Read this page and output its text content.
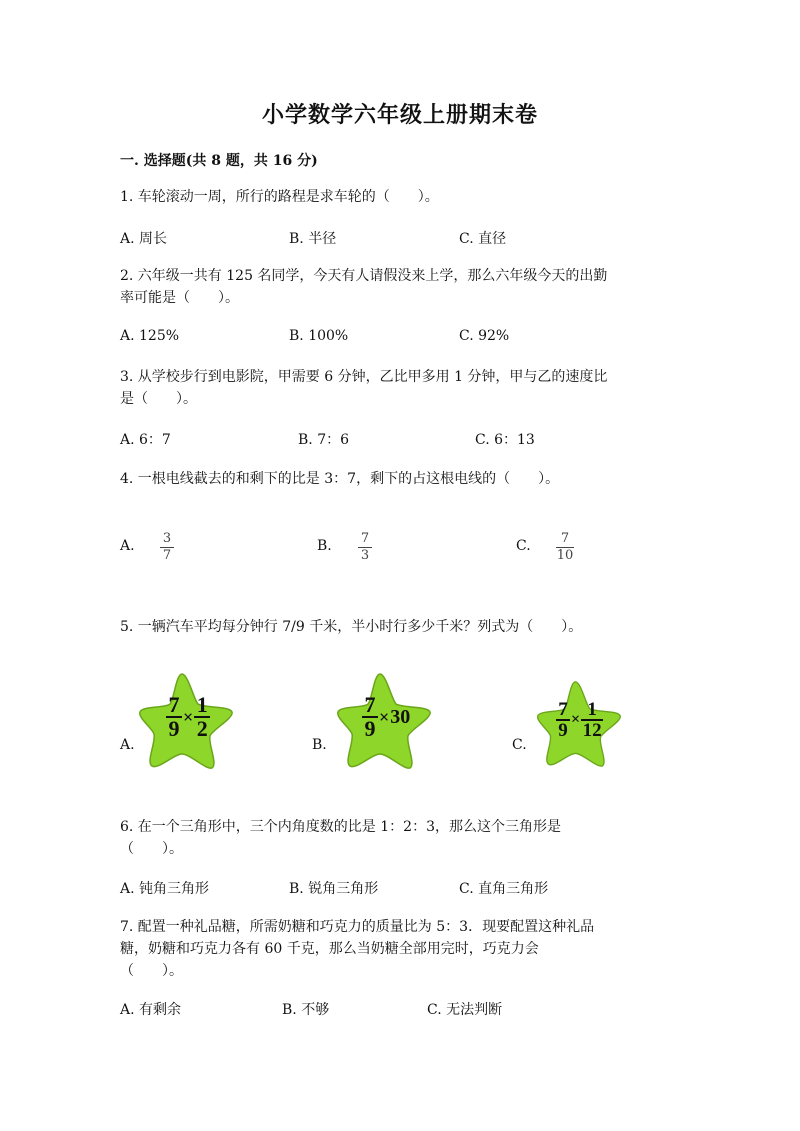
小学数学六年级上册期末卷
一. 选择题(共 8 题，共 16 分)
1. 车轮滚动一周，所行的路程是求车轮的（　　）。
A. 周长	B. 半径	C. 直径
2. 六年级一共有 125 名同学，今天有人请假没来上学，那么六年级今天的出勤
率可能是（　　）。
A. 125%	B. 100%	C. 92%
3. 从学校步行到电影院，甲需要 6 分钟，乙比甲多用 1 分钟，甲与乙的速度比
是（　　）。
A. 6：7	B. 7：6	C. 6：13
4. 一根电线截去的和剩下的比是 3：7，剩下的占这根电线的（　　）。
A. 3
7
B. 7
3
C. 7
10
5. 一辆汽车平均每分钟行 7/9 千米，半小时行多少千米？列式为（　　）。
A.
7
9 × 1
2
B.
7
9 × 30
C.
7
9
× 1
12
6. 在一个三角形中，三个内角度数的比是 1：2：3，那么这个三角形是
（　　）。
A. 钝角三角形	B. 锐角三角形	C. 直角三角形
7. 配置一种礼品糖，所需奶糖和巧克力的质量比为 5：3．现要配置这种礼品
糖，奶糖和巧克力各有 60 千克，那么当奶糖全部用完时，巧克力会
（　　）。
A. 有剩余	B. 不够	C. 无法判断
